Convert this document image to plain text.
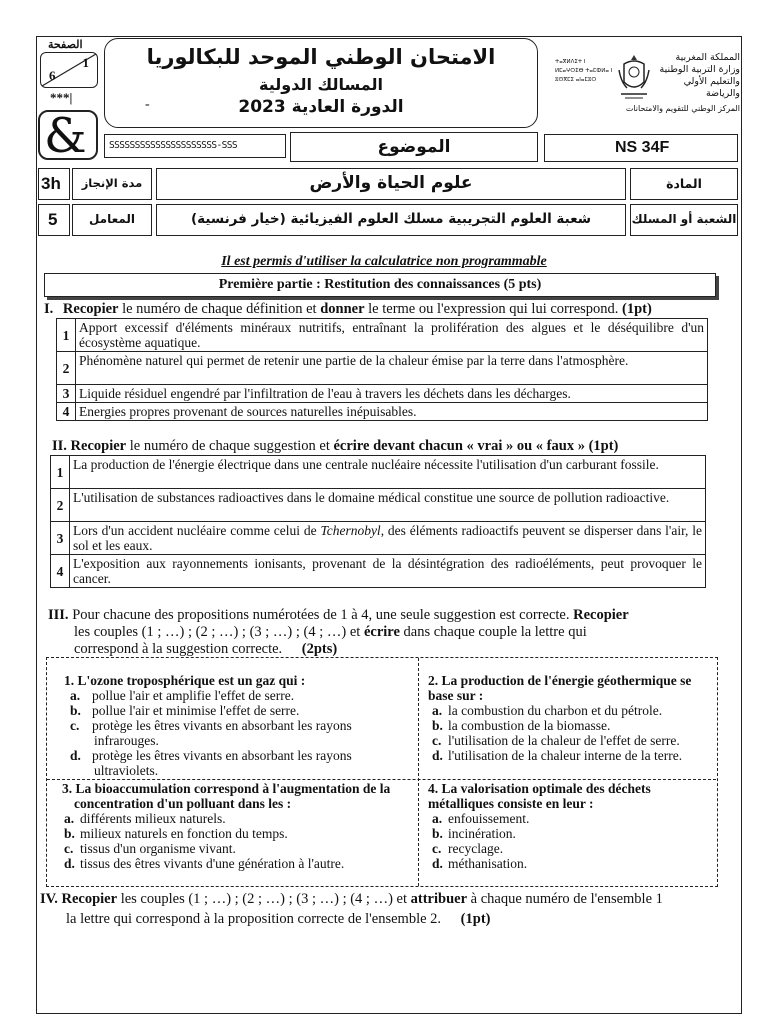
الصفحة
1
6
***|
&
الامتحان الوطني الموحد للبكالوريا
المسالك الدولية
الدورة العادية 2023
-
ⵜⴰⴳⵍⴷⵉⵜ ⵏ ⵍⵎⴰⵖⵔⵉⴱ ⵜⴰⵎⵀⵍⴰ ⵏ ⵓⵙⴳⵎⵉ ⴰⵏⴰⵎⵓⵔ
المملكة المغربية وزارة التربية الوطنية والتعليم الأولي والرياضة
المركز الوطني للتقويم والامتحانات
SSSSSSSSSSSSSSSSSSSSS-SSS	الموضوع	NS 34F
3h	مدة الإنجاز	علوم الحياة والأرض	المادة
5	المعامل	شعبة العلوم التجريبية مسلك العلوم الفيزيائية (خيار فرنسية)	الشعبة أو المسلك
Il est permis d'utiliser la calculatrice non programmable
Première partie : Restitution des connaissances (5 pts)
I. Recopier le numéro de chaque définition et donner le terme ou l'expression qui lui correspond. (1pt)
1	Apport excessif d'éléments minéraux nutritifs, entraînant la prolifération des algues et le déséquilibre d'un écosystème aquatique.
2	Phénomène naturel qui permet de retenir une partie de la chaleur émise par la terre dans l'atmosphère.
3	Liquide résiduel engendré par l'infiltration de l'eau à travers les déchets dans les décharges.
4	Energies propres provenant de sources naturelles inépuisables.
II. Recopier le numéro de chaque suggestion et écrire devant chacun « vrai » ou « faux » (1pt)
1	La production de l'énergie électrique dans une centrale nucléaire nécessite l'utilisation d'un carburant fossile.
2	L'utilisation de substances radioactives dans le domaine médical constitue une source de pollution radioactive.
3	Lors d'un accident nucléaire comme celui de Tchernobyl, des éléments radioactifs peuvent se disperser dans l'air, le sol et les eaux.
4	L'exposition aux rayonnements ionisants, provenant de la désintégration des radioéléments, peut provoquer le cancer.
III. Pour chacune des propositions numérotées de 1 à 4, une seule suggestion est correcte. Recopier
les couples (1 ; …) ; (2 ; …) ; (3 ; …) ; (4 ; …) et écrire dans chaque couple la lettre qui
correspond à la suggestion correcte. (2pts)
1. L'ozone troposphérique est un gaz qui :
a. pollue l'air et amplifie l'effet de serre.
b. pollue l'air et minimise l'effet de serre.
c. protège les êtres vivants en absorbant les rayons infrarouges.
d. protège les êtres vivants en absorbant les rayons ultraviolets.
2. La production de l'énergie géothermique se base sur :
a. la combustion du charbon et du pétrole.
b. la combustion de la biomasse.
c. l'utilisation de la chaleur de l'effet de serre.
d. l'utilisation de la chaleur interne de la terre.
3. La bioaccumulation correspond à l'augmentation de la concentration d'un polluant dans les :
a. différents milieux naturels.
b. milieux naturels en fonction du temps.
c. tissus d'un organisme vivant.
d. tissus des êtres vivants d'une génération à l'autre.
4. La valorisation optimale des déchets métalliques consiste en leur :
a. enfouissement.
b. incinération.
c. recyclage.
d. méthanisation.
IV. Recopier les couples (1 ; …) ; (2 ; …) ; (3 ; …) ; (4 ; …) et attribuer à chaque numéro de l'ensemble 1
la lettre qui correspond à la proposition correcte de l'ensemble 2. (1pt)
